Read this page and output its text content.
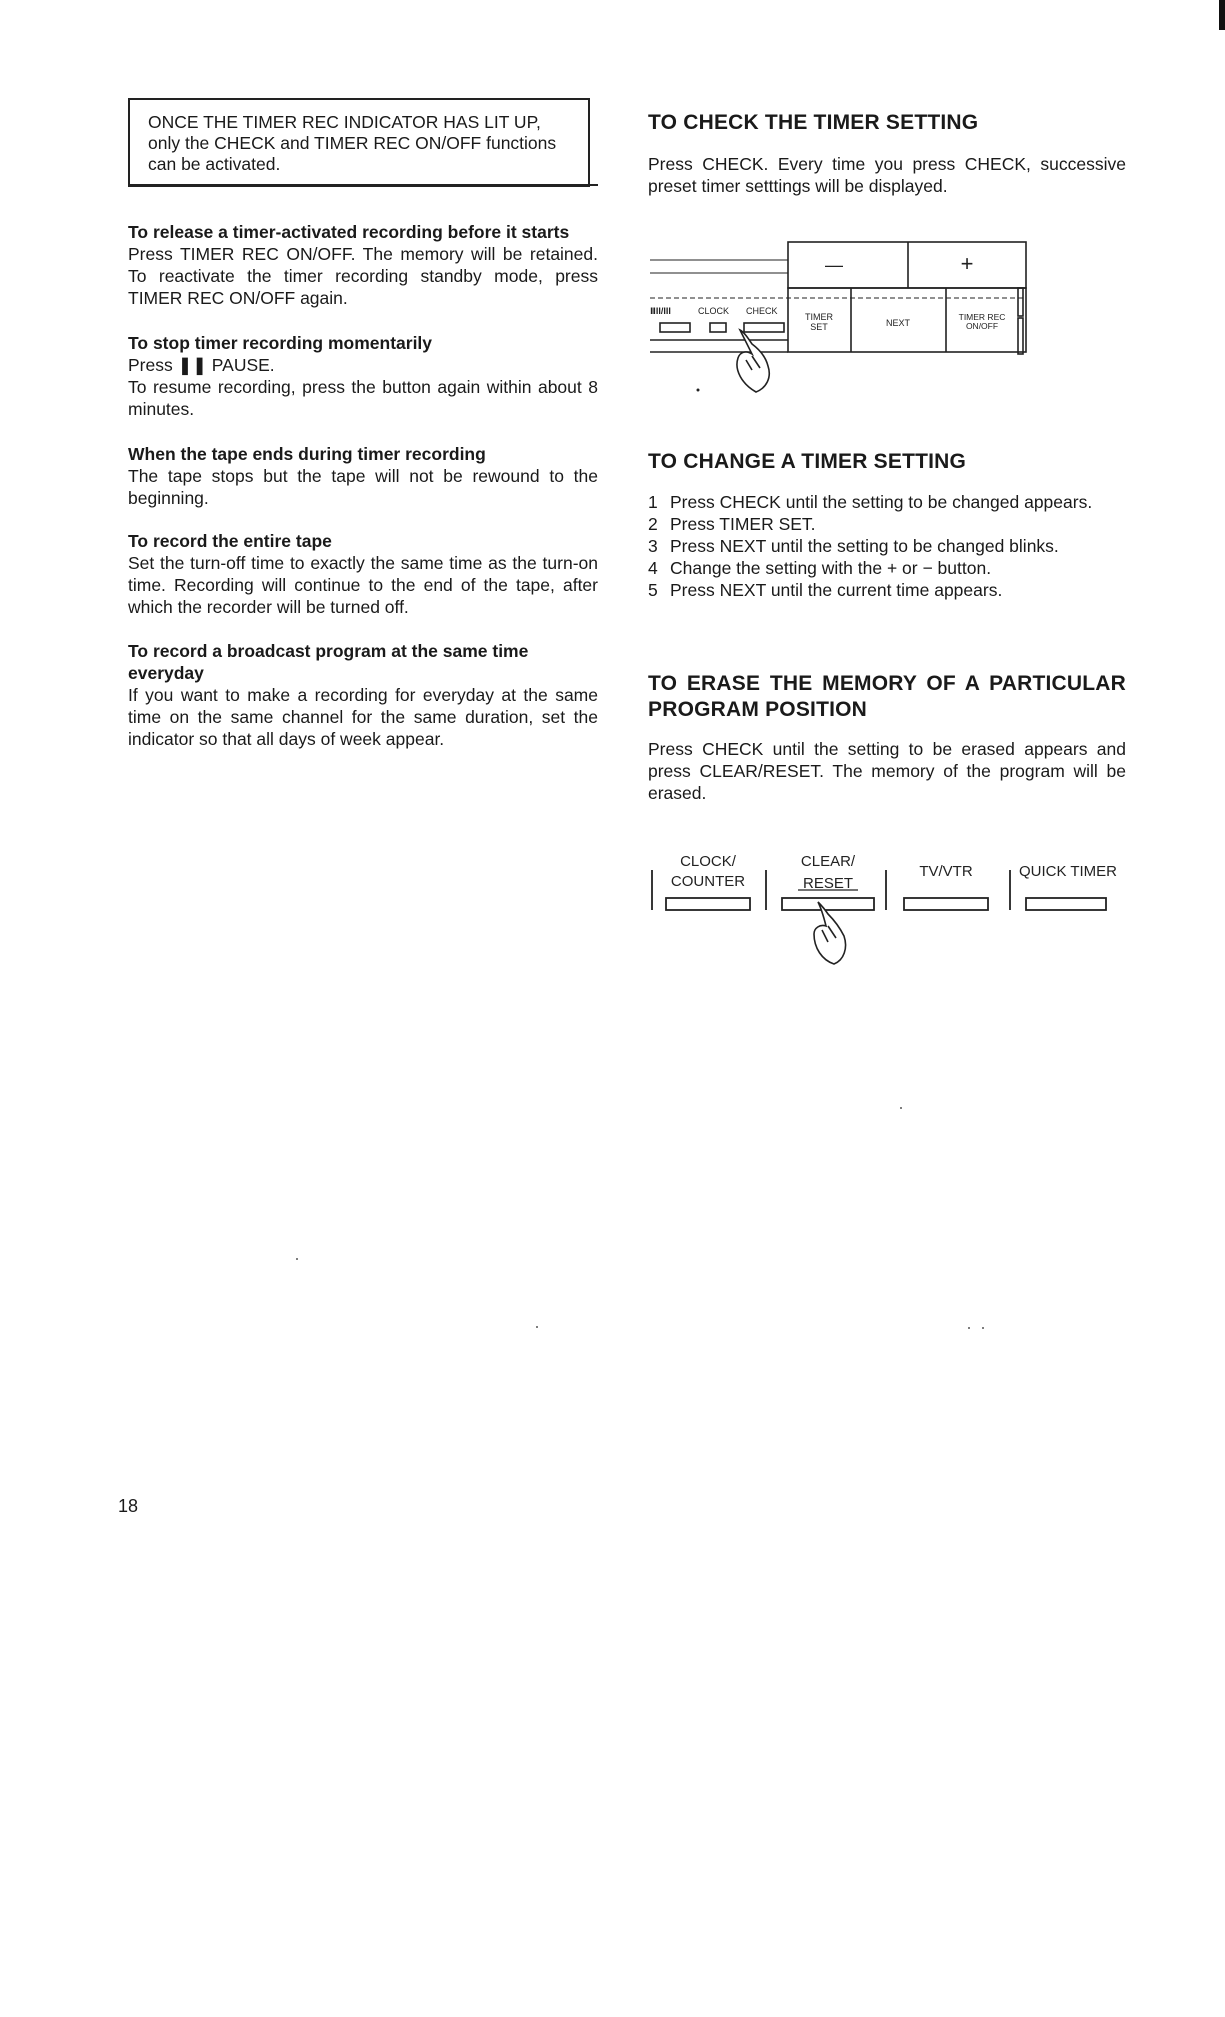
ONCE THE TIMER REC INDICATOR HAS LIT UP, only the CHECK and TIMER REC ON/OFF functions can be activated.
To release a timer-activated recording before it starts

Press TIMER REC ON/OFF. The memory will be retained. To reactivate the timer recording standby mode, press TIMER REC ON/OFF again.

To stop timer recording momentarily

Press ❚❚ PAUSE.
To resume recording, press the button again within about 8 minutes.

When the tape ends during timer recording

The tape stops but the tape will not be rewound to the beginning.

To record the entire tape

Set the turn-off time to exactly the same time as the turn-on time. Recording will continue to the end of the tape, after which the recorder will be turned off.

To record a broadcast program at the same time everyday

If you want to make a recording for everyday at the same time on the same channel for the same duration, set the indicator so that all days of week appear.

TO CHECK THE TIMER SETTING

Press CHECK. Every time you press CHECK, successive preset timer setttings will be displayed.

—	+
ⅡII/III	CLOCK CHECK
TIMER
SET	NEXT
TIMER REC
ON/OFF

TO CHANGE A TIMER SETTING

1 Press CHECK until the setting to be changed appears.
2 Press TIMER SET.
3 Press NEXT until the setting to be changed blinks.
4 Change the setting with the + or − button.
5 Press NEXT until the current time appears.

TO ERASE THE MEMORY OF A PARTICULAR PROGRAM POSITION

Press CHECK until the setting to be erased appears and press CLEAR/RESET. The memory of the program will be erased.

CLOCK/
COUNTER
CLEAR/
RESET
TV/VTR	QUICK TIMER
18
